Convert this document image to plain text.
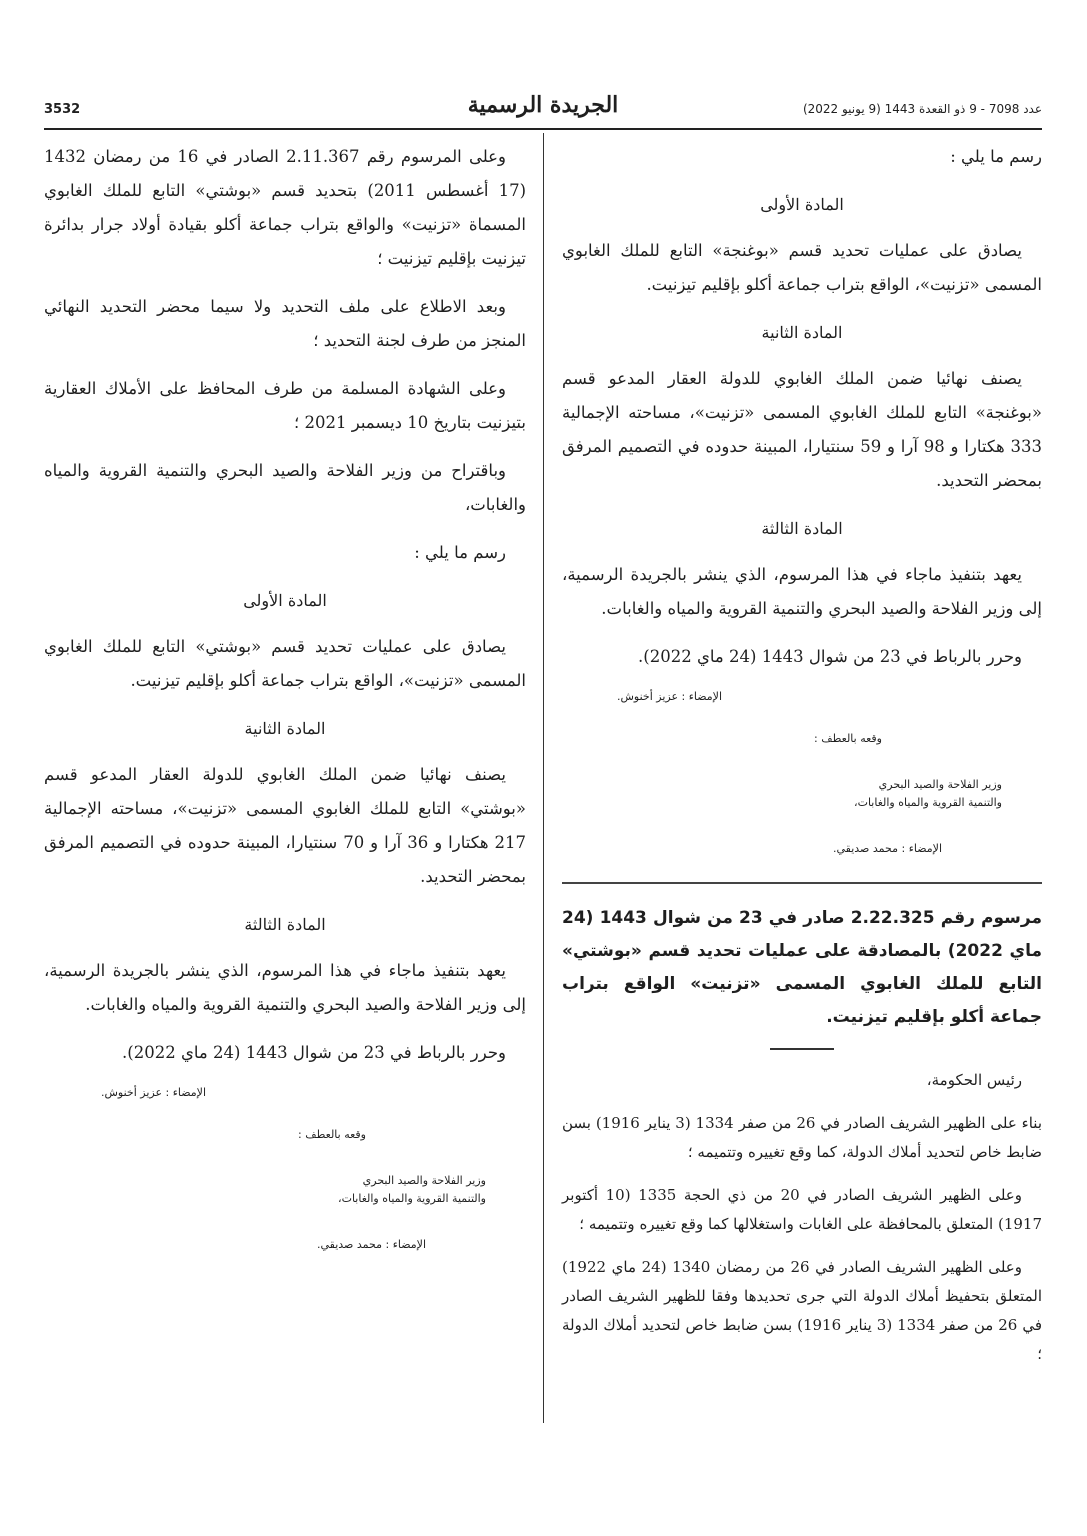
3532	الجريدة الرسمية	عدد 7098 - 9 ذو القعدة 1443 (9 يونيو 2022)

رسم ما يلي :

المادة الأولى

يصادق على عمليات تحديد قسم «بوغنجة» التابع للملك الغابوي المسمى «تزنيت»، الواقع بتراب جماعة أكلو بإقليم تيزنيت.

المادة الثانية

يصنف نهائيا ضمن الملك الغابوي للدولة العقار المدعو قسم «بوغنجة» التابع للملك الغابوي المسمى «تزنيت»، مساحته الإجمالية 333 هكتارا و 98 آرا و 59 سنتيارا، المبينة حدوده في التصميم المرفق بمحضر التحديد.

المادة الثالثة

يعهد بتنفيذ ماجاء في هذا المرسوم، الذي ينشر بالجريدة الرسمية، إلى وزير الفلاحة والصيد البحري والتنمية القروية والمياه والغابات.

وحرر بالرباط في 23 من شوال 1443 (24 ماي 2022).

الإمضاء : عزيز أخنوش.
وقعه بالعطف :
وزير الفلاحة والصيد البحري
والتنمية القروية والمياه والغابات،
الإمضاء : محمد صديقي.
مرسوم رقم 2.22.325 صادر في 23 من شوال 1443 (24 ماي 2022) بالمصادقة على عمليات تحديد قسم «بوشتي» التابع للملك الغابوي المسمى «تزنيت» الواقع بتراب جماعة أكلو بإقليم تيزنيت.

رئيس الحكومة،

بناء على الظهير الشريف الصادر في 26 من صفر 1334 (3 يناير 1916) بسن ضابط خاص لتحديد أملاك الدولة، كما وقع تغييره وتتميمه ؛

وعلى الظهير الشريف الصادر في 20 من ذي الحجة 1335 (10 أكتوبر 1917) المتعلق بالمحافظة على الغابات واستغلالها كما وقع تغييره وتتميمه ؛

وعلى الظهير الشريف الصادر في 26 من رمضان 1340 (24 ماي 1922) المتعلق بتحفيظ أملاك الدولة التي جرى تحديدها وفقا للظهير الشريف الصادر في 26 من صفر 1334 (3 يناير 1916) بسن ضابط خاص لتحديد أملاك الدولة ؛

وعلى المرسوم رقم 2.11.367 الصادر في 16 من رمضان 1432 (17 أغسطس 2011) بتحديد قسم «بوشتي» التابع للملك الغابوي المسماة «تزنيت» والواقع بتراب جماعة أكلو بقيادة أولاد جرار بدائرة تيزنيت بإقليم تيزنيت ؛

وبعد الاطلاع على ملف التحديد ولا سيما محضر التحديد النهائي المنجز من طرف لجنة التحديد ؛

وعلى الشهادة المسلمة من طرف المحافظ على الأملاك العقارية بتيزنيت بتاريخ 10 ديسمبر 2021 ؛

وباقتراح من وزير الفلاحة والصيد البحري والتنمية القروية والمياه والغابات،

رسم ما يلي :

المادة الأولى

يصادق على عمليات تحديد قسم «بوشتي» التابع للملك الغابوي المسمى «تزنيت»، الواقع بتراب جماعة أكلو بإقليم تيزنيت.

المادة الثانية

يصنف نهائيا ضمن الملك الغابوي للدولة العقار المدعو قسم «بوشتي» التابع للملك الغابوي المسمى «تزنيت»، مساحته الإجمالية 217 هكتارا و 36 آرا و 70 سنتيارا، المبينة حدوده في التصميم المرفق بمحضر التحديد.

المادة الثالثة

يعهد بتنفيذ ماجاء في هذا المرسوم، الذي ينشر بالجريدة الرسمية، إلى وزير الفلاحة والصيد البحري والتنمية القروية والمياه والغابات.

وحرر بالرباط في 23 من شوال 1443 (24 ماي 2022).

الإمضاء : عزيز أخنوش.
وقعه بالعطف :
وزير الفلاحة والصيد البحري
والتنمية القروية والمياه والغابات،
الإمضاء : محمد صديقي.
